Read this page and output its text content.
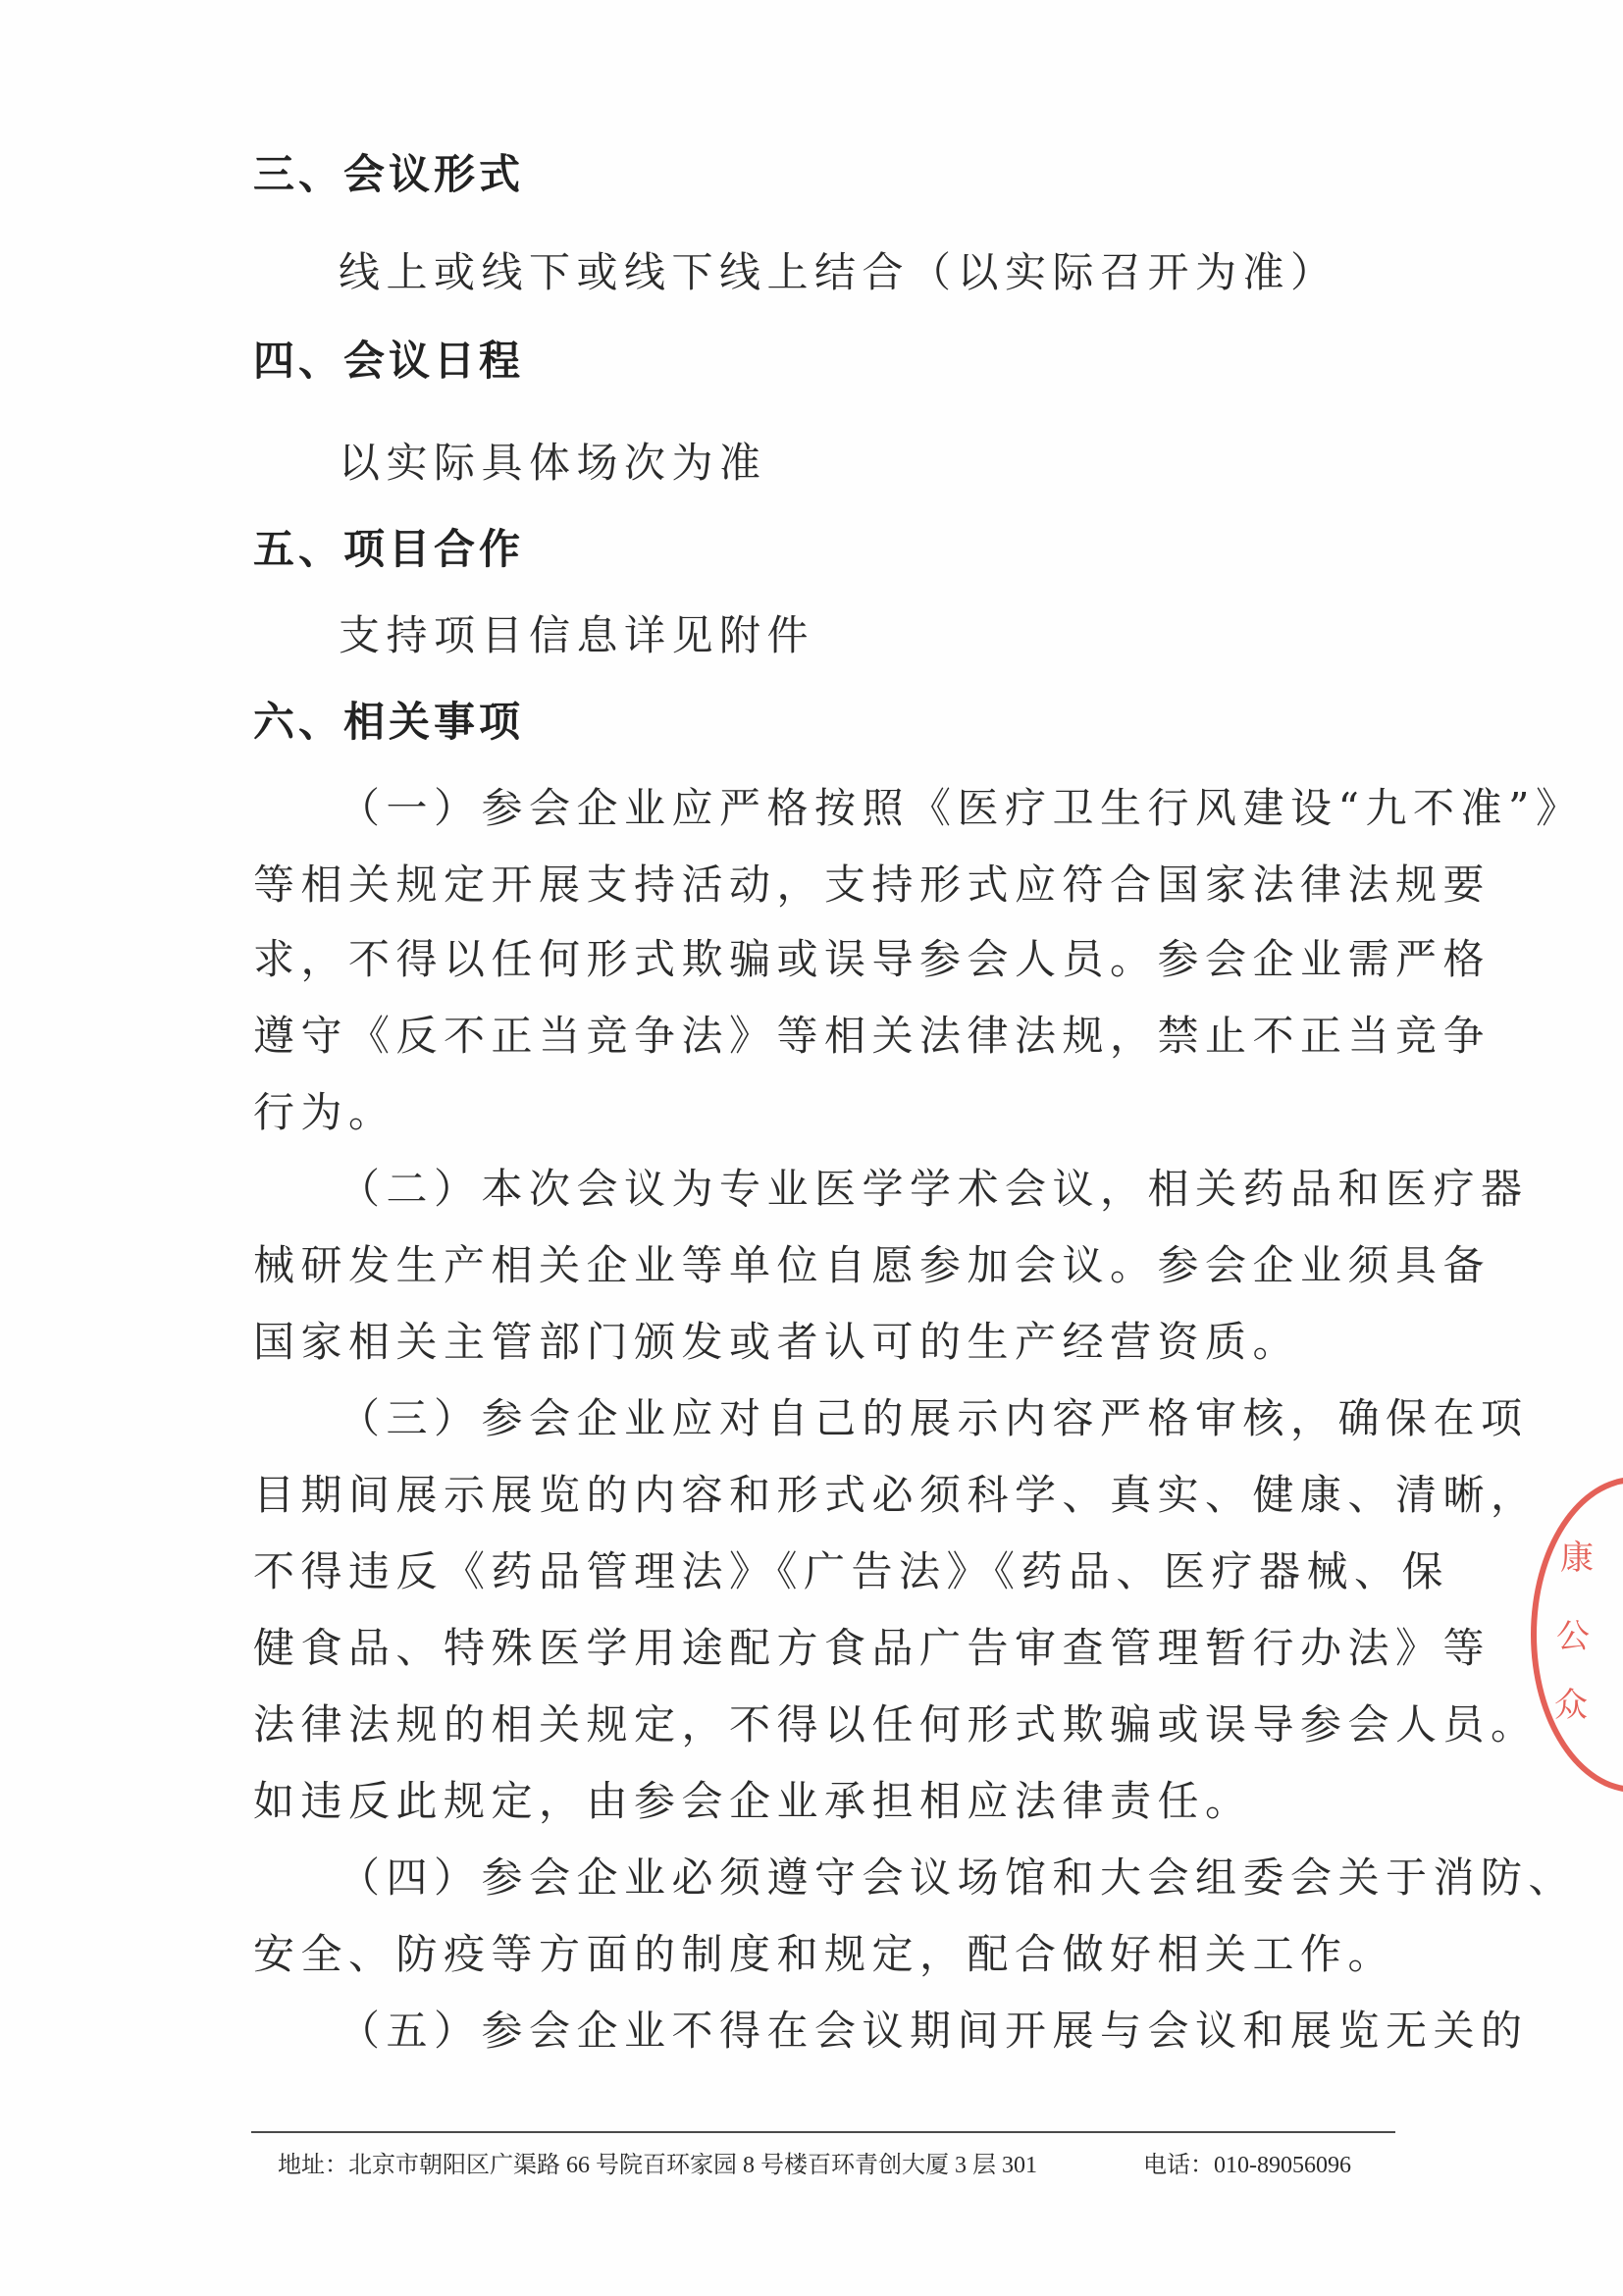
三、会议形式
线上或线下或线下线上结合（以实际召开为准）
四、会议日程
以实际具体场次为准
五、项目合作
支持项目信息详见附件
六、相关事项
（一）参会企业应严格按照《医疗卫生行风建设“九不准”》
等相关规定开展支持活动，支持形式应符合国家法律法规要
求，不得以任何形式欺骗或误导参会人员。参会企业需严格
遵守《反不正当竞争法》等相关法律法规，禁止不正当竞争
行为。
（二）本次会议为专业医学学术会议，相关药品和医疗器
械研发生产相关企业等单位自愿参加会议。参会企业须具备
国家相关主管部门颁发或者认可的生产经营资质。
（三）参会企业应对自己的展示内容严格审核，确保在项
目期间展示展览的内容和形式必须科学、真实、健康、清晰，
不得违反《药品管理法》《广告法》《药品、医疗器械、保
健食品、特殊医学用途配方食品广告审查管理暂行办法》等
法律法规的相关规定，不得以任何形式欺骗或误导参会人员。
如违反此规定，由参会企业承担相应法律责任。
（四）参会企业必须遵守会议场馆和大会组委会关于消防、
安全、防疫等方面的制度和规定，配合做好相关工作。
（五）参会企业不得在会议期间开展与会议和展览无关的
地址：北京市朝阳区广渠路 66 号院百环家园 8 号楼百环青创大厦 3 层 301	电话：010-89056096
康
公
众
